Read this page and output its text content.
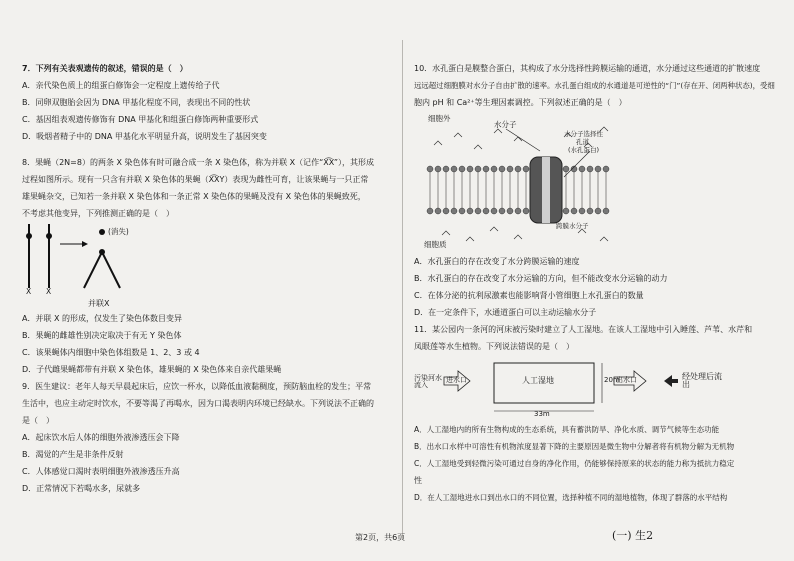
7．下列有关表观遗传的叙述，错误的是（　）
A．亲代染色质上的组蛋白修饰会一定程度上遗传给子代
B．同卵双胞胎会因为 DNA 甲基化程度不同，表现出不同的性状
C．基因组表观遗传修饰有 DNA 甲基化和组蛋白修饰两种重要形式
D．吸烟者精子中的 DNA 甲基化水平明显升高，说明发生了基因突变
8．果蝇（2N=8）的两条 X 染色体有时可融合成一条 X 染色体，称为并联 X（记作“X͡X”），其形成
过程如图所示。现有一只含有并联 X 染色体的果蝇（X͡XY）表现为雌性可育，让该果蝇与一只正常
雄果蝇杂交，已知若一条并联 X 染色体和一条正常 X 染色体的果蝇及没有 X 染色体的果蝇致死，
不考虑其他变异，下列推测正确的是（　）
X X
(消失)
并联X
A．并联 X 的形成，仅发生了染色体数目变异
B．果蝇的雌雄性别决定取决于有无 Y 染色体
C．该果蝇体内细胞中染色体组数是 1、2、3 或 4
D．子代雌果蝇都带有并联 X 染色体，雄果蝇的 X 染色体来自亲代雄果蝇
9．医生建议：老年人每天早晨起床后，应饮一杯水，以降低血液黏稠度，预防脑血栓的发生；平常
生活中，也应主动定时饮水，不要等渴了再喝水，因为口渴表明内环境已经缺水。下列说法不正确的
是（　）
A．起床饮水后人体的细胞外液渗透压会下降
B．渴觉的产生是非条件反射
C．人体感觉口渴时表明细胞外液渗透压升高
D．正常情况下若喝水多，尿就多
10．水孔蛋白是膜整合蛋白，其构成了水分选择性跨膜运输的通道，水分通过这些通道的扩散速度
远远超过细胞膜对水分子自由扩散的速率。水孔蛋白组成的水通道是可逆性的“门”(存在开、闭两种状态)，受细
胞内 pH 和 Ca²⁺等生理因素调控。下列叙述正确的是（　）
细胞外
水分子
水分子选择性
孔道
(水孔蛋白)
细胞质
跨膜水分子
A．水孔蛋白的存在改变了水分跨膜运输的速度
B．水孔蛋白的存在改变了水分运输的方向，但不能改变水分运输的动力
C．在体分泌的抗利尿激素也能影响肾小管细胞上水孔蛋白的数量
D．在一定条件下，水通道蛋白可以主动运输水分子
11．某公园内一条河的河床被污染时建立了人工湿地。在该人工湿地中引入睡莲、芦苇、水芹和
凤眼莲等水生植物。下列说法错误的是（　）
污染河水流入
进水口	人工湿地	20m
33m
出水口	经处理后流出
A．人工湿地内的所有生物构成的生态系统，具有蓄洪防旱、净化水质、调节气候等生态功能
B．出水口水样中可溶性有机物浓度显著下降的主要原因是微生物中分解者将有机物分解为无机物
C．人工湿地受到轻微污染可通过自身的净化作用，仍能够保持原来的状态的能力称为抵抗力稳定
性
D．在人工湿地进水口到出水口的不同位置，选择种植不同的湿地植物，体现了群落的水平结构
第2页，共6页	(一) 生2
